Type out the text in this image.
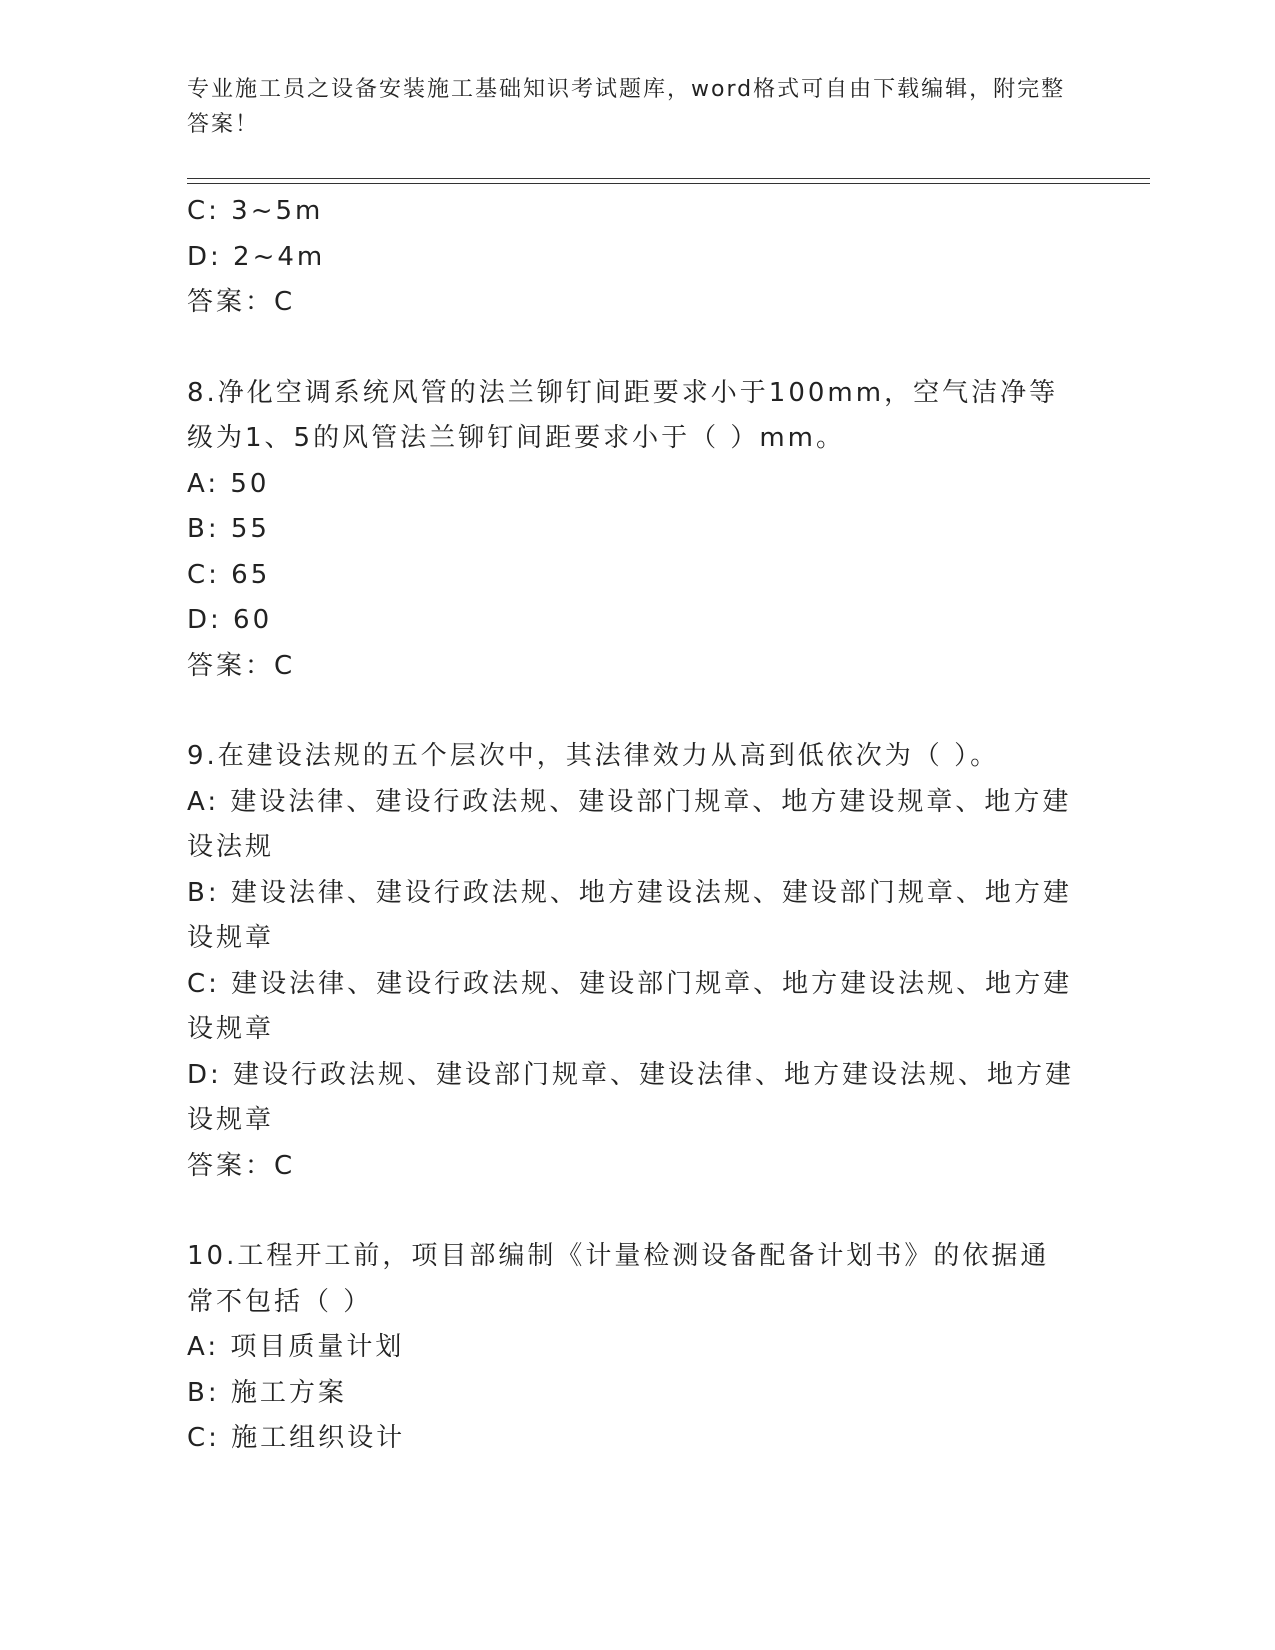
专业施工员之设备安装施工基础知识考试题库，word格式可自由下载编辑，附完整答案！
C: 3~5m
D: 2~4m
答案：C
8.净化空调系统风管的法兰铆钉间距要求小于100mm，空气洁净等级为1、5的风管法兰铆钉间距要求小于（ ）mm。
A: 50
B: 55
C: 65
D: 60
答案：C
9.在建设法规的五个层次中，其法律效力从高到低依次为（ ）。
A: 建设法律、建设行政法规、建设部门规章、地方建设规章、地方建设法规
B: 建设法律、建设行政法规、地方建设法规、建设部门规章、地方建设规章
C: 建设法律、建设行政法规、建设部门规章、地方建设法规、地方建设规章
D: 建设行政法规、建设部门规章、建设法律、地方建设法规、地方建设规章
答案：C
10.工程开工前，项目部编制《计量检测设备配备计划书》的依据通常不包括（ ）
A: 项目质量计划
B: 施工方案
C: 施工组织设计
